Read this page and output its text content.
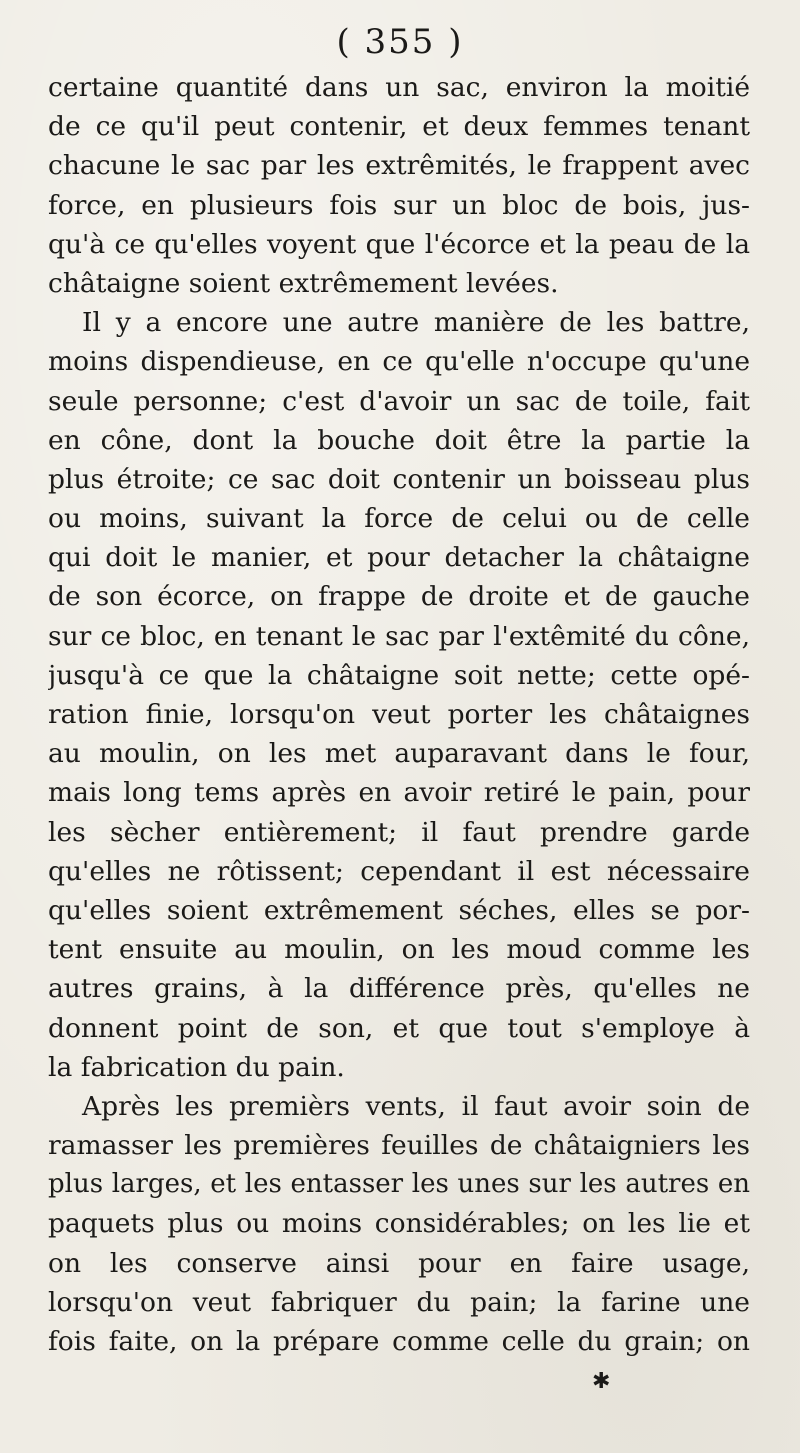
( 355 )
certaine quantité dans un sac, environ la moitié
de ce qu'il peut contenir, et deux femmes tenant
chacune le sac par les extrêmités, le frappent avec
force, en plusieurs fois sur un bloc de bois, jus-
qu'à ce qu'elles voyent que l'écorce et la peau de la
châtaigne soient extrêmement levées.
Il y a encore une autre manière de les battre,
moins dispendieuse, en ce qu'elle n'occupe qu'une
seule personne; c'est d'avoir un sac de toile, fait
en cône, dont la bouche doit être la partie la
plus étroite; ce sac doit contenir un boisseau plus
ou moins, suivant la force de celui ou de celle
qui doit le manier, et pour detacher la châtaigne
de son écorce, on frappe de droite et de gauche
sur ce bloc, en tenant le sac par l'extêmité du cône,
jusqu'à ce que la châtaigne soit nette; cette opé-
ration finie, lorsqu'on veut porter les châtaignes
au moulin, on les met auparavant dans le four,
mais long tems après en avoir retiré le pain, pour
les sècher entièrement; il faut prendre garde
qu'elles ne rôtissent; cependant il est nécessaire
qu'elles soient extrêmement séches, elles se por-
tent ensuite au moulin, on les moud comme les
autres grains, à la différence près, qu'elles ne
donnent point de son, et que tout s'employe à
la fabrication du pain.
Après les premièrs vents, il faut avoir soin de
ramasser les premières feuilles de châtaigniers les
plus larges, et les entasser les unes sur les autres en
paquets plus ou moins considérables; on les lie et
on les conserve ainsi pour en faire usage,
lorsqu'on veut fabriquer du pain; la farine une
fois faite, on la prépare comme celle du grain; on
✱
